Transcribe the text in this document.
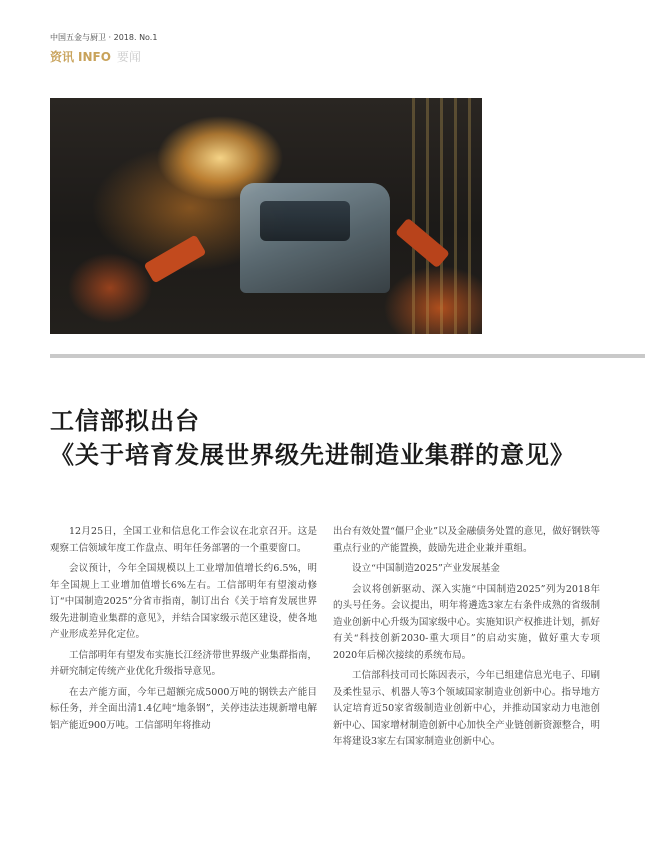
中国五金与厨卫 · 2018. No.1
资讯 INFO 要闻
工信部拟出台
《关于培育发展世界级先进制造业集群的意见》

12月25日，全国工业和信息化工作会议在北京召开。这是观察工信领域年度工作盘点、明年任务部署的一个重要窗口。

会议预计，今年全国规模以上工业增加值增长约6.5%，明年全国规上工业增加值增长6%左右。工信部明年有望滚动修订“中国制造2025”分省市指南，制订出台《关于培育发展世界级先进制造业集群的意见》，并结合国家级示范区建设，使各地产业形成差异化定位。

工信部明年有望发布实施长江经济带世界级产业集群指南，并研究制定传统产业优化升级指导意见。

在去产能方面，今年已超额完成5000万吨的钢铁去产能目标任务，并全面出清1.4亿吨“地条钢”，关停违法违规新增电解铝产能近900万吨。工信部明年将推动

出台有效处置“僵尸企业”以及金融债务处置的意见，做好钢铁等重点行业的产能置换，鼓励先进企业兼并重组。

设立“中国制造2025”产业发展基金

会议将创新驱动、深入实施“中国制造2025”列为2018年的头号任务。会议提出，明年将遴选3家左右条件成熟的省级制造业创新中心升级为国家级中心。实施知识产权推进计划，抓好有关“科技创新2030-重大项目”的启动实施，做好重大专项2020年后梯次接续的系统布局。

工信部科技司司长陈因表示，今年已组建信息光电子、印刷及柔性显示、机器人等3个领域国家制造业创新中心。指导地方认定培育近50家省级制造业创新中心，并推动国家动力电池创新中心、国家增材制造创新中心加快全产业链创新资源整合，明年将建设3家左右国家制造业创新中心。
